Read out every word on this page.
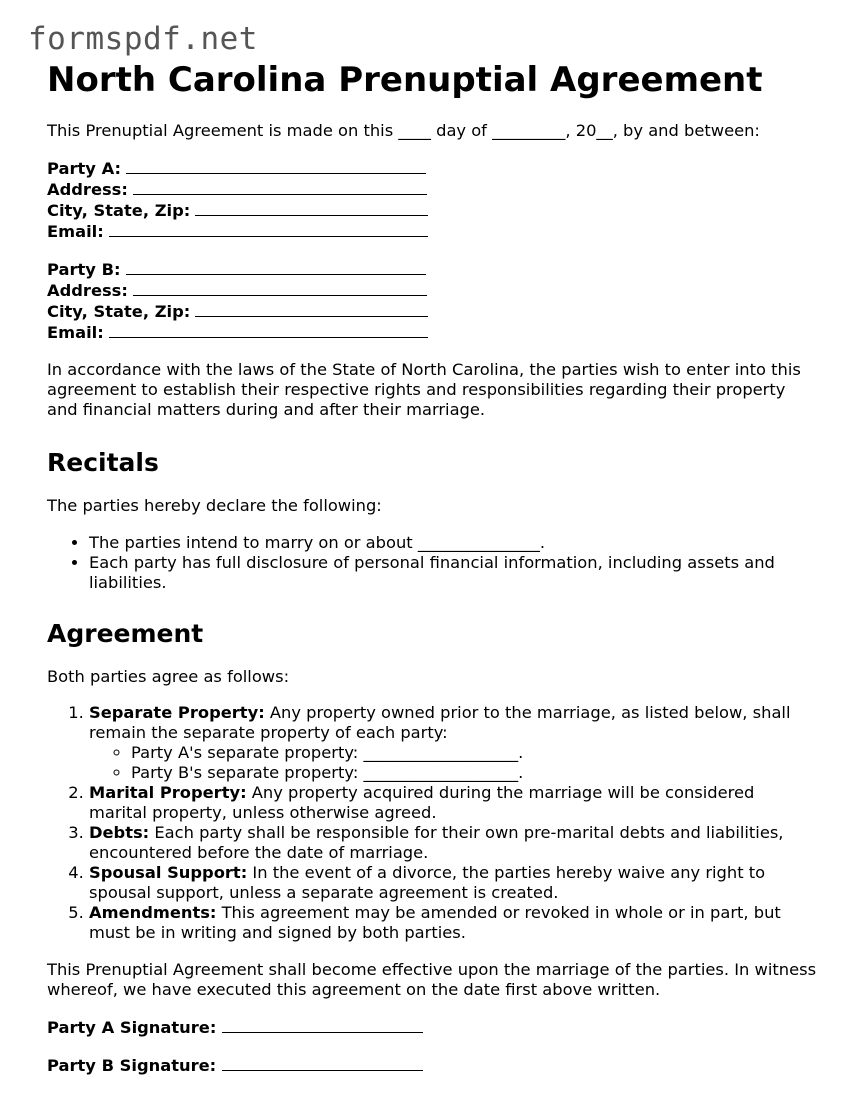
formspdf.net
North Carolina Prenuptial Agreement

This Prenuptial Agreement is made on this ____ day of _________, 20__, by and between:

Party A:
Address:
City, State, Zip:
Email:
Party B:
Address:
City, State, Zip:
Email:

In accordance with the laws of the State of North Carolina, the parties wish to enter into this agreement to establish their respective rights and responsibilities regarding their property and financial matters during and after their marriage.

Recitals

The parties hereby declare the following:

• The parties intend to marry on or about _______________.
• Each party has full disclosure of personal financial information, including assets and liabilities.
Agreement

Both parties agree as follows:

1. Separate Property: Any property owned prior to the marriage, as listed below, shall remain the separate property of each party:
◦ Party A's separate property: ___________________.
◦ Party B's separate property: ___________________.
2. Marital Property: Any property acquired during the marriage will be considered marital property, unless otherwise agreed.
3. Debts: Each party shall be responsible for their own pre-marital debts and liabilities, encountered before the date of marriage.
4. Spousal Support: In the event of a divorce, the parties hereby waive any right to spousal support, unless a separate agreement is created.
5. Amendments: This agreement may be amended or revoked in whole or in part, but must be in writing and signed by both parties.

This Prenuptial Agreement shall become effective upon the marriage of the parties. In witness whereof, we have executed this agreement on the date first above written.

Party A Signature:
Party B Signature:
